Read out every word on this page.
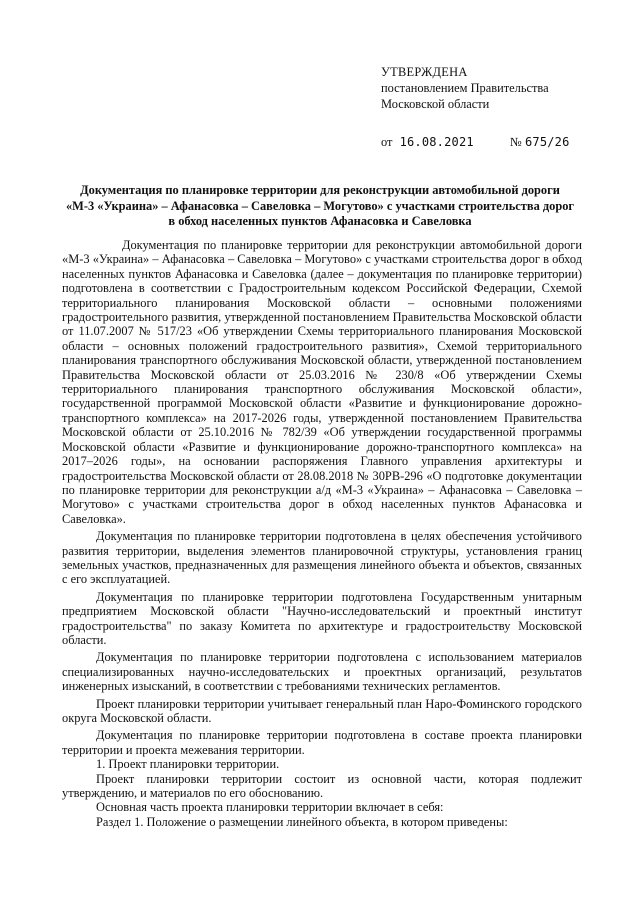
УТВЕРЖДЕНА
постановлением Правительства
Московской области
от 16.08.2021	№ 675/26
Документация по планировке территории для реконструкции автомобильной дороги
«М-3 «Украина» – Афанасовка – Савеловка – Могутово» с участками строительства дорог
в обход населенных пунктов Афанасовка и Савеловка

Документация по планировке территории для реконструкции автомобильной дороги «М-3 «Украина» – Афанасовка – Савеловка – Могутово» с участками строительства дорог в обход населенных пунктов Афанасовка и Савеловка (далее – документация по планировке территории) подготовлена в соответствии с Градостроительным кодексом Российской Федерации, Схемой территориального планирования Московской области – основными положениями градостроительного развития, утвержденной постановлением Правительства Московской области от 11.07.2007 № 517/23 «Об утверждении Схемы территориального планирования Московской области – основных положений градостроительного развития», Схемой территориального планирования транспортного обслуживания Московской области, утвержденной постановлением Правительства Московской области от 25.03.2016 № 230/8 «Об утверждении Схемы территориального планирования транспортного обслуживания Московской области», государственной программой Московской области «Развитие и функционирование дорожно-транспортного комплекса» на 2017-2026 годы, утвержденной постановлением Правительства Московской области от 25.10.2016 № 782/39 «Об утверждении государственной программы Московской области «Развитие и функционирование дорожно-транспортного комплекса» на 2017–2026 годы», на основании распоряжения Главного управления архитектуры и градостроительства Московской области от 28.08.2018 № 30РВ-296 «О подготовке документации по планировке территории для реконструкции а/д «М-3 «Украина» – Афанасовка – Савеловка – Могутово» с участками строительства дорог в обход населенных пунктов Афанасовка и Савеловка».

Документация по планировке территории подготовлена в целях обеспечения устойчивого развития территории, выделения элементов планировочной структуры, установления границ земельных участков, предназначенных для размещения линейного объекта и объектов, связанных с его эксплуатацией.

Документация по планировке территории подготовлена Государственным унитарным предприятием Московской области "Научно-исследовательский и проектный институт градостроительства" по заказу Комитета по архитектуре и градостроительству Московской области.

Документация по планировке территории подготовлена с использованием материалов специализированных научно-исследовательских и проектных организаций, результатов инженерных изысканий, в соответствии с требованиями технических регламентов.

Проект планировки территории учитывает генеральный план Наро-Фоминского городского округа Московской области.

Документация по планировке территории подготовлена в составе проекта планировки территории и проекта межевания территории.

1. Проект планировки территории.

Проект планировки территории состоит из основной части, которая подлежит утверждению, и материалов по его обоснованию.

Основная часть проекта планировки территории включает в себя:

Раздел 1. Положение о размещении линейного объекта, в котором приведены:
